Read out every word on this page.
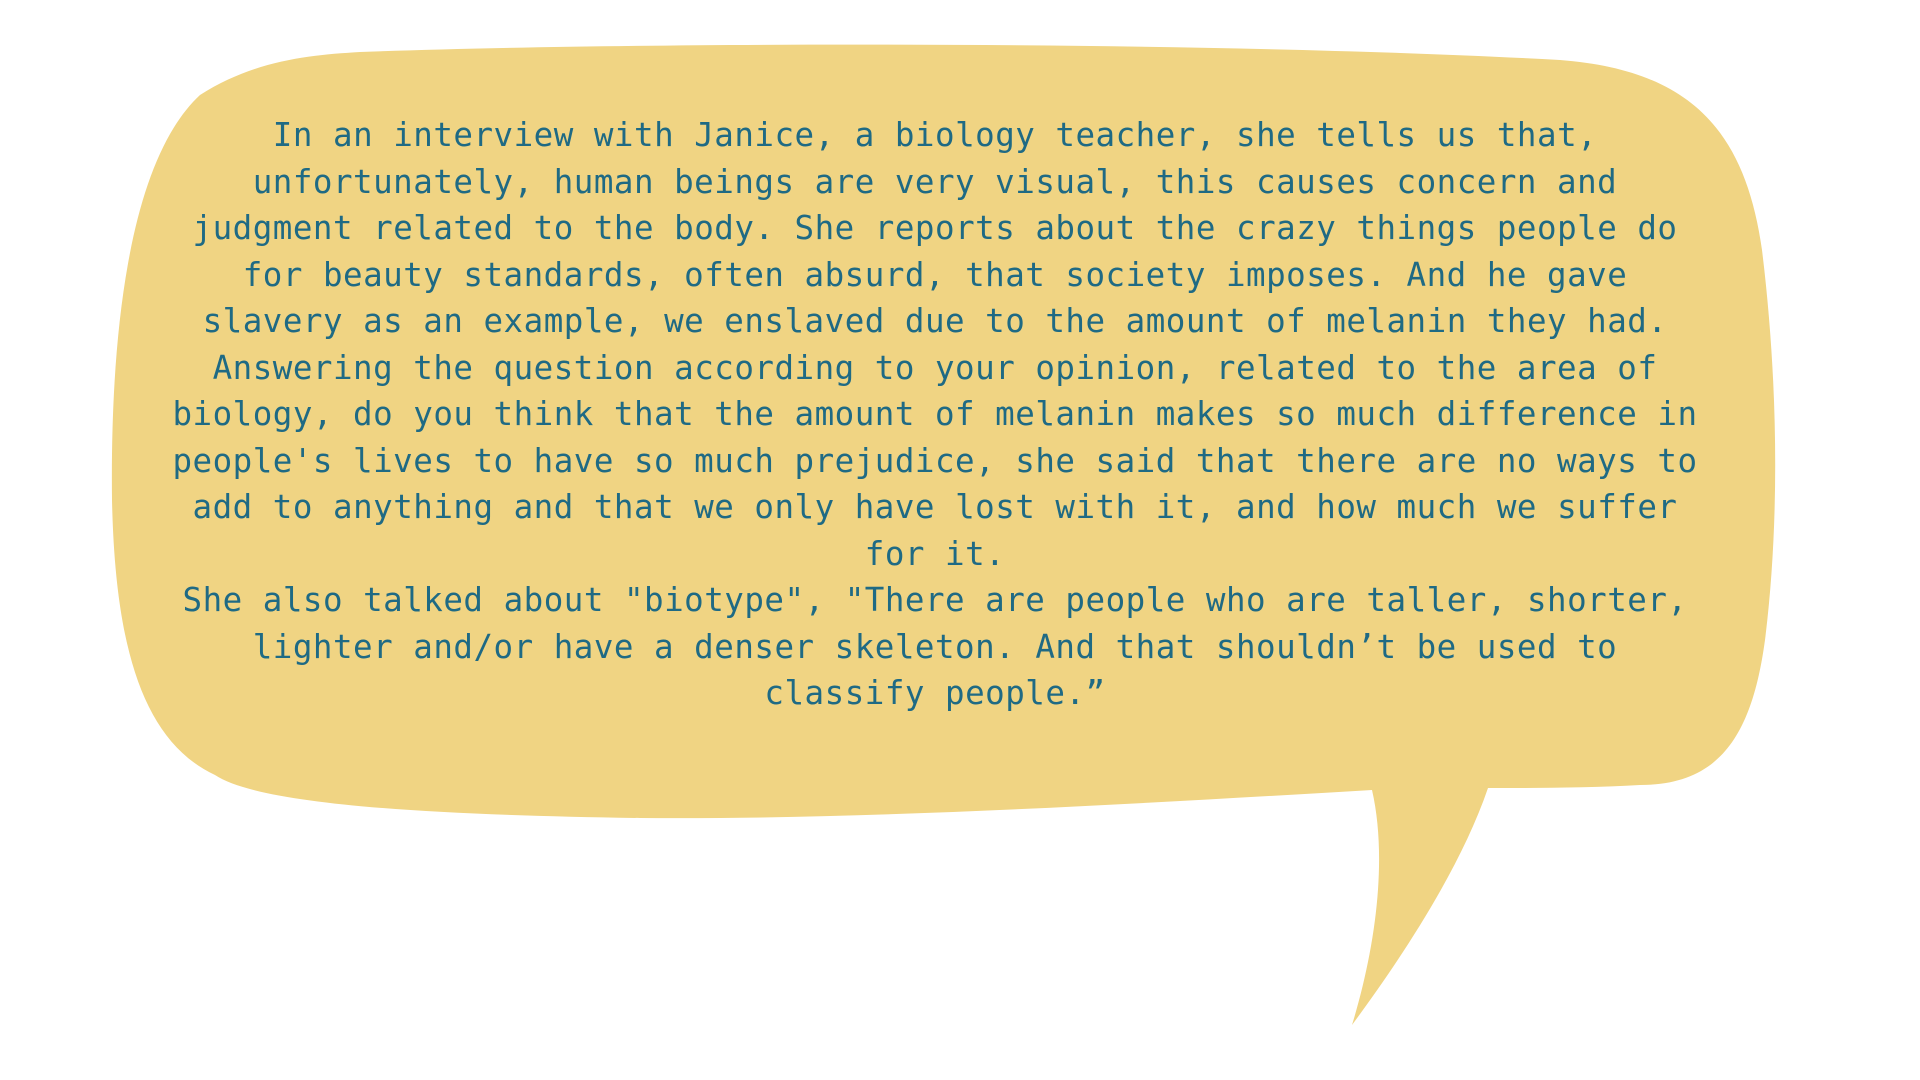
In an interview with Janice, a biology teacher, she tells us that, unfortunately, human beings are very visual, this causes concern and judgment related to the body. She reports about the crazy things people do for beauty standards, often absurd, that society imposes. And he gave slavery as an example, we enslaved due to the amount of melanin they had.

Answering the question according to your opinion, related to the area of biology, do you think that the amount of melanin makes so much difference in people's lives to have so much prejudice, she said that there are no ways to add to anything and that we only have lost with it, and how much we suffer for it.

She also talked about "biotype", "There are people who are taller, shorter, lighter and/or have a denser skeleton. And that shouldn’t be used to classify people.”
